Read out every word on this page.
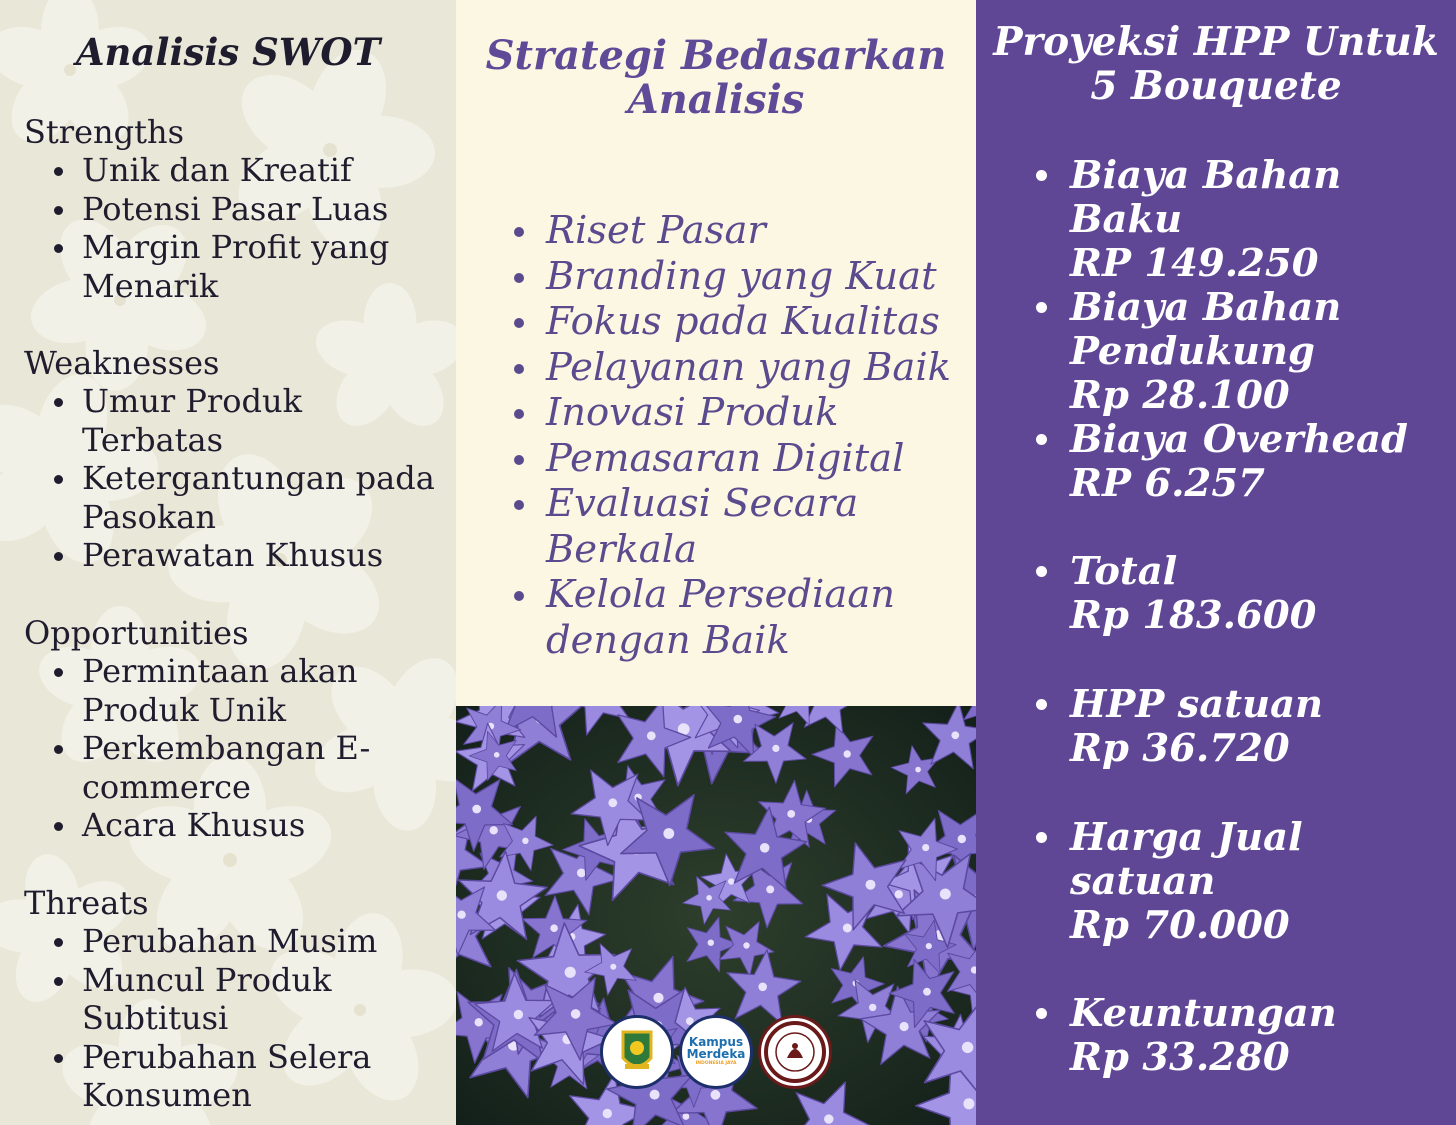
Analisis SWOT
Strengths
Unik dan Kreatif
Potensi Pasar Luas
Margin Profit yang Menarik
Weaknesses
Umur Produk Terbatas
Ketergantungan pada Pasokan
Perawatan Khusus
Opportunities
Permintaan akan Produk Unik
Perkembangan E-commerce
Acara Khusus
Threats
Perubahan Musim
Muncul Produk Subtitusi
Perubahan Selera Konsumen
Strategi Bedasarkan Analisis
Riset Pasar
Branding yang Kuat
Fokus pada Kualitas
Pelayanan yang Baik
Inovasi Produk
Pemasaran Digital
Evaluasi Secara Berkala
Kelola Persediaan dengan Baik
Kampus
Merdeka
INDONESIA JAYA
SEMARANG
Proyeksi HPP Untuk 5 Bouquete
Biaya Bahan Baku
RP 149.250
Biaya Bahan Pendukung
Rp 28.100
Biaya Overhead
RP 6.257
Total
Rp 183.600
HPP satuan
Rp 36.720
Harga Jual satuan
Rp 70.000
Keuntungan
Rp 33.280
